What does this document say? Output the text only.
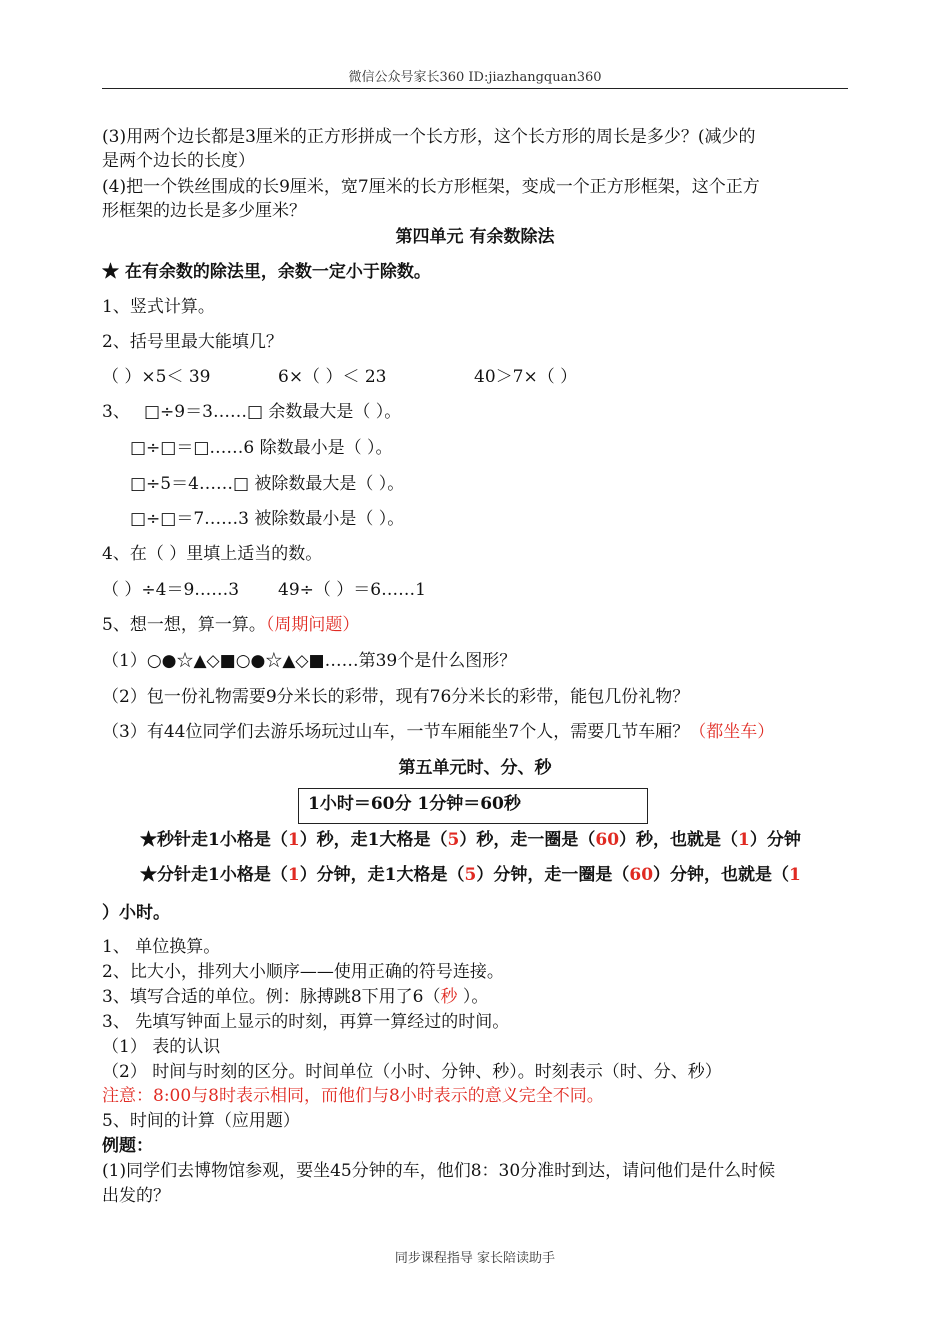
微信公众号家长360 ID:jiazhangquan360
(3)用两个边长都是3厘米的正方形拼成一个长方形，这个长方形的周长是多少？(减少的
是两个边长的长度）
(4)把一个铁丝围成的长9厘米，宽7厘米的长方形框架，变成一个正方形框架，这个正方
形框架的边长是多少厘米？
第四单元 有余数除法
★ 在有余数的除法里，余数一定小于除数。
1、竖式计算。
2、括号里最大能填几？
（ ）×5＜ 39	6×（ ）＜ 23	40＞7×（ ）
3、 □÷9＝3……□ 余数最大是（ ）。
□÷□＝□……6 除数最小是（ ）。
□÷5＝4……□ 被除数最大是（ ）。
□÷□＝7……3 被除数最小是（ ）。
4、在（ ）里填上适当的数。
（ ）÷4＝9……3 49÷（ ）＝6……1
5、想一想，算一算。（周期问题）
（1）○●☆▲◇■○●☆▲◇■……第39个是什么图形？
（2）包一份礼物需要9分米长的彩带，现有76分米长的彩带，能包几份礼物？
（3）有44位同学们去游乐场玩过山车，一节车厢能坐7个人，需要几节车厢？（都坐车）
第五单元时、分、秒
1小时＝60分 1分钟＝60秒
★秒针走1小格是（1）秒，走1大格是（5）秒，走一圈是（60）秒，也就是（1）分钟
★分针走1小格是（1）分钟，走1大格是（5）分钟，走一圈是（60）分钟，也就是（1
）小时。
1、 单位换算。
2、比大小，排列大小顺序——使用正确的符号连接。
3、填写合适的单位。例：脉搏跳8下用了6（秒 ）。
3、 先填写钟面上显示的时刻，再算一算经过的时间。
（1） 表的认识
（2） 时间与时刻的区分。时间单位（小时、分钟、秒）。时刻表示（时、分、秒）
注意：8:00与8时表示相同，而他们与8小时表示的意义完全不同。
5、时间的计算（应用题）
例题：
(1)同学们去博物馆参观，要坐45分钟的车，他们8：30分准时到达，请问他们是什么时候
出发的？
同步课程指导 家长陪读助手
